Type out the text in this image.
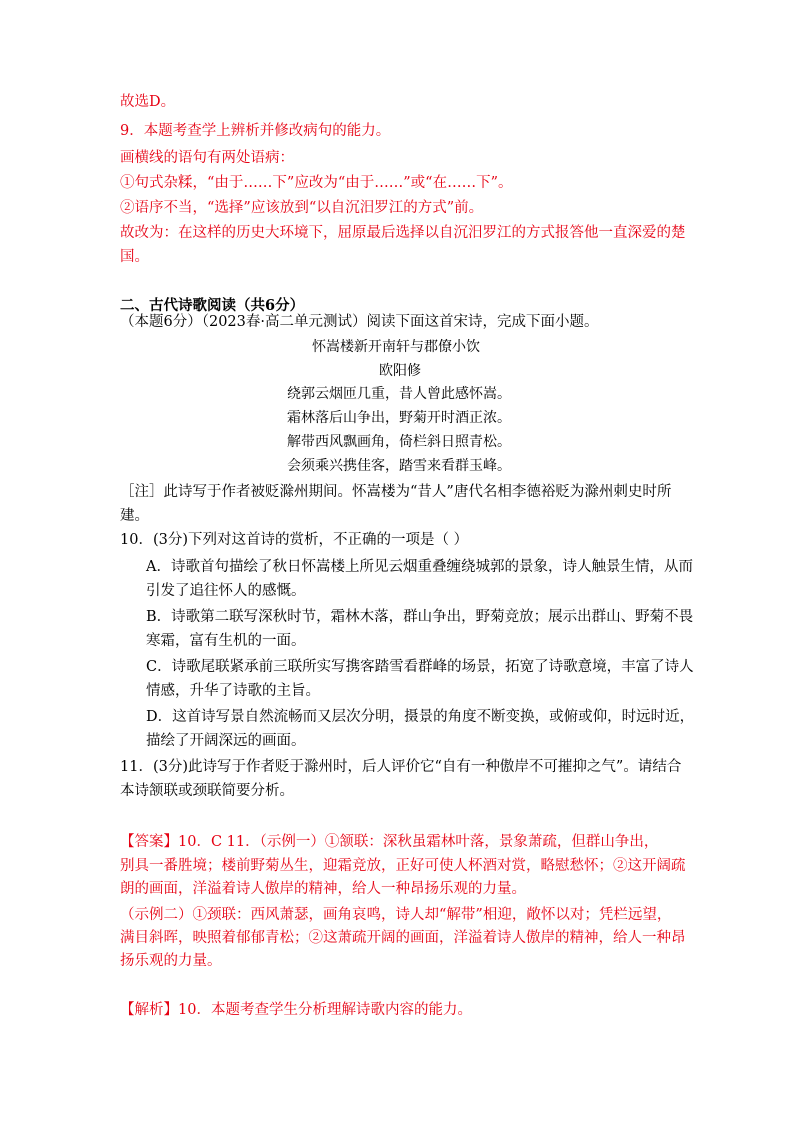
故选D。
9．本题考查学上辨析并修改病句的能力。
画横线的语句有两处语病：
①句式杂糅，“由于……下”应改为“由于……”或“在……下”。
②语序不当，“选择”应该放到“以自沉汨罗江的方式”前。
故改为：在这样的历史大环境下，屈原最后选择以自沉汨罗江的方式报答他一直深爱的楚
国。
二、古代诗歌阅读（共6分）
（本题6分）（2023春·高二单元测试）阅读下面这首宋诗，完成下面小题。
怀嵩楼新开南轩与郡僚小饮
欧阳修
绕郭云烟匝几重，昔人曾此感怀嵩。
霜林落后山争出，野菊开时酒正浓。
解带西风飘画角，倚栏斜日照青松。
会须乘兴携佳客，踏雪来看群玉峰。
［注］此诗写于作者被贬滁州期间。怀嵩楼为“昔人”唐代名相李德裕贬为滁州刺史时所
建。
10．(3分)下列对这首诗的赏析，不正确的一项是（ ）
A．诗歌首句描绘了秋日怀嵩楼上所见云烟重叠缠绕城郭的景象，诗人触景生情，从而
引发了追往怀人的感慨。
B．诗歌第二联写深秋时节，霜林木落，群山争出，野菊竞放；展示出群山、野菊不畏
寒霜，富有生机的一面。
C．诗歌尾联紧承前三联所实写携客踏雪看群峰的场景，拓宽了诗歌意境，丰富了诗人
情感，升华了诗歌的主旨。
D．这首诗写景自然流畅而又层次分明，摄景的角度不断变换，或俯或仰，时远时近，
描绘了开阔深远的画面。
11．(3分)此诗写于作者贬于滁州时，后人评价它“自有一种傲岸不可摧抑之气”。请结合
本诗颔联或颈联简要分析。
【答案】10．C 11．（示例一）①颔联：深秋虽霜林叶落，景象萧疏，但群山争出，
别具一番胜境；楼前野菊丛生，迎霜竞放，正好可使人杯酒对赏，略慰愁怀；②这开阔疏
朗的画面，洋溢着诗人傲岸的精神，给人一种昂扬乐观的力量。
（示例二）①颈联：西风萧瑟，画角哀鸣，诗人却“解带”相迎，敞怀以对；凭栏远望，
满目斜晖，映照着郁郁青松；②这萧疏开阔的画面，洋溢着诗人傲岸的精神，给人一种昂
扬乐观的力量。
【解析】10．本题考查学生分析理解诗歌内容的能力。
